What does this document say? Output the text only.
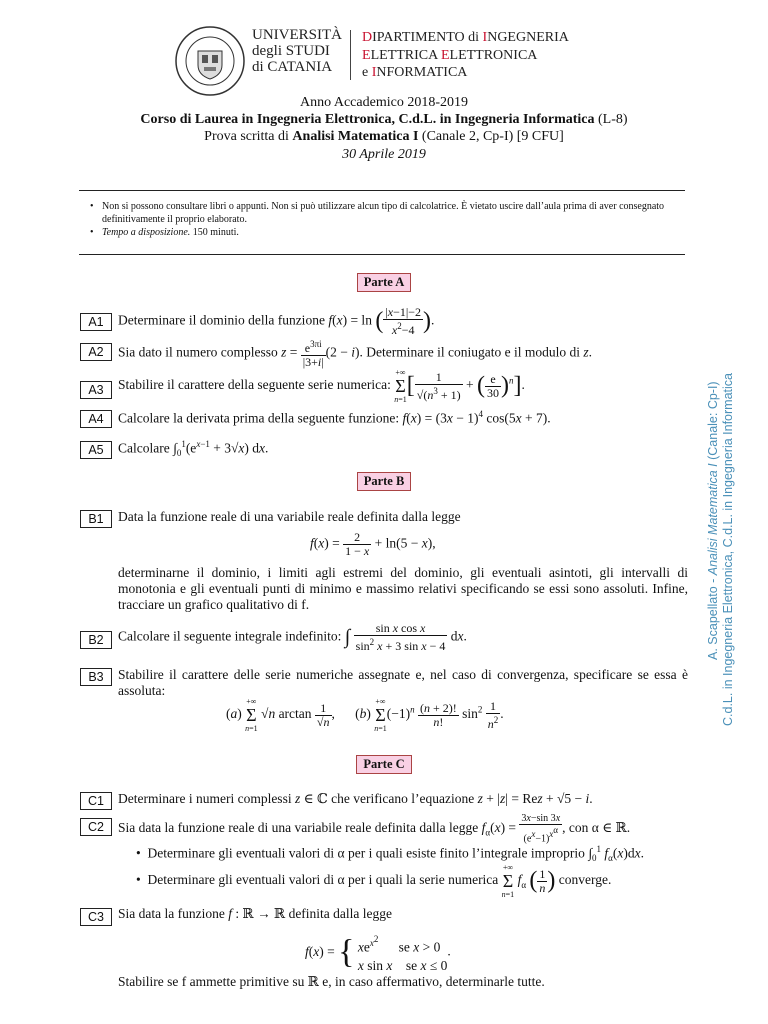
UNIVERSITÀ
degli STUDI
di CATANIA
DIPARTIMENTO di INGEGNERIA
ELETTRICA ELETTRONICA
e INFORMATICA
Anno Accademico 2018-2019
Corso di Laurea in Ingegneria Elettronica, C.d.L. in Ingegneria Informatica (L-8)
Prova scritta di Analisi Matematica I (Canale 2, Cp-I) [9 CFU]
30 Aprile 2019
• Non si possono consultare libri o appunti. Non si può utilizzare alcun tipo di calcolatrice. È vietato uscire dall’aula prima di aver consegnato definitivamente il proprio elaborato.
• Tempo a disposizione. 150 minuti.
Parte A
A1	Determinare il dominio della funzione f(x) = ln ( $\frac{|x-1|-2}{x^2-4}$ ).
A2	Sia dato il numero complesso $z = \frac{e^{3\pi i}}{|3+i|} (2 - i)$. Determinare il coniugato e il modulo di z.
A3	Stabilire il carattere della seguente serie numerica: +∞
Σ
$n=1[ \frac{1}{√(n^3 + 1)}$ + ( $\frac{e}{30} )^n$].
A4	Calcolare la derivata prima della seguente funzione: $f(x) = (3x - 1)^4$ cos(5x + 7).
A5	Calcolare $\int_0^1(e^{x-1} + 3√x)$ dx.
Parte B
B1	Data la funzione reale di una variabile reale definita dalla legge
$f(x) = \frac{2}{1 - x} + \ln(5 - x)$,
determinarne il dominio, i limiti agli estremi del dominio, gli eventuali asintoti, gli intervalli di monotonia e gli eventuali punti di minimo e massimo relativi specificando se essi sono assoluti. Infine, tracciare un grafico qualitativo di f.
B2	Calcolare il seguente integrale indefinito: ∫ $\frac{\text{sin x cos x}}{\sin^2 x + 3 \sin x - 4}$ dx.
B3	Stabilire il carattere delle serie numeriche assegnate e, nel caso di convergenza, specificare se essa è assoluta:
(a) +∞
Σ
n=1 √n $\arctan \frac{1}{√n}$ ,      (b) +∞
Σ
$n=1(-1)^n \frac{(n + 2)!}{n!} \sin^2 \frac{1}{n^2}$ .
Parte C
C1	Determinare i numeri complessi z ∈ ℂ che verificano l’equazione z + |z| = Rez + √5 − i.
C2	Sia data la funzione reale di una variabile reale definita dalla legge $f_\alpha(x) = \frac{3x-\sin 3x}{(e^x-1)^{x^\alpha}}$ , con α ∈ ℝ.
•  Determinare gli eventuali valori di α per i quali esiste finito l’integrale improprio $\int_0^1$ $f_\alpha(x)dx$.
•  Determinare gli eventuali valori di α per i quali la serie numerica +∞
Σ
n=1 $f_\alpha$ ( $\frac{1}{n}$ ) converge.
C3	Sia data la funzione f : ℝ → ℝ definita dalla legge
f(x) = { $xe^{x^2}$      se x > 0
x sin x    se x ≤ 0
.
Stabilire se f ammette primitive su ℝ e, in caso affermativo, determinarle tutte.
A. Scapellato - Analisi Matematica I (Canale: Cp-I) C.d.L. in Ingegneria Elettronica, C.d.L. in Ingegneria Informatica
